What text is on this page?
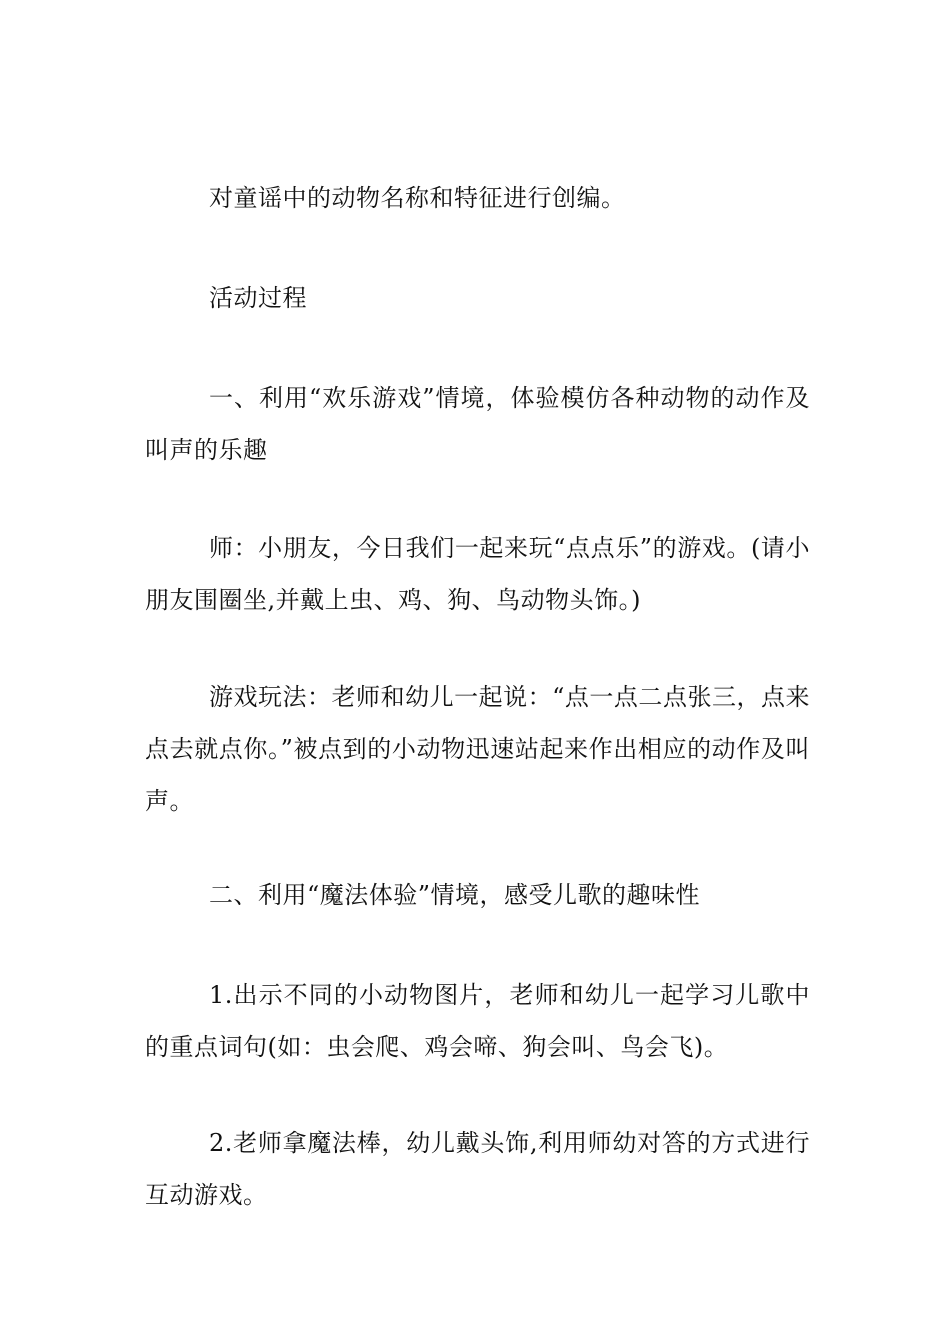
对童谣中的动物名称和特征进行创编。

活动过程

一、利用“欢乐游戏”情境，体验模仿各种动物的动作及叫声的乐趣

师：小朋友，今日我们一起来玩“点点乐”的游戏。(请小朋友围圈坐,并戴上虫、鸡、狗、鸟动物头饰。)

游戏玩法：老师和幼儿一起说：“点一点二点张三，点来点去就点你。”被点到的小动物迅速站起来作出相应的动作及叫声。

二、利用“魔法体验”情境，感受儿歌的趣味性

1.出示不同的小动物图片，老师和幼儿一起学习儿歌中的重点词句(如：虫会爬、鸡会啼、狗会叫、鸟会飞)。

2.老师拿魔法棒，幼儿戴头饰,利用师幼对答的方式进行互动游戏。
